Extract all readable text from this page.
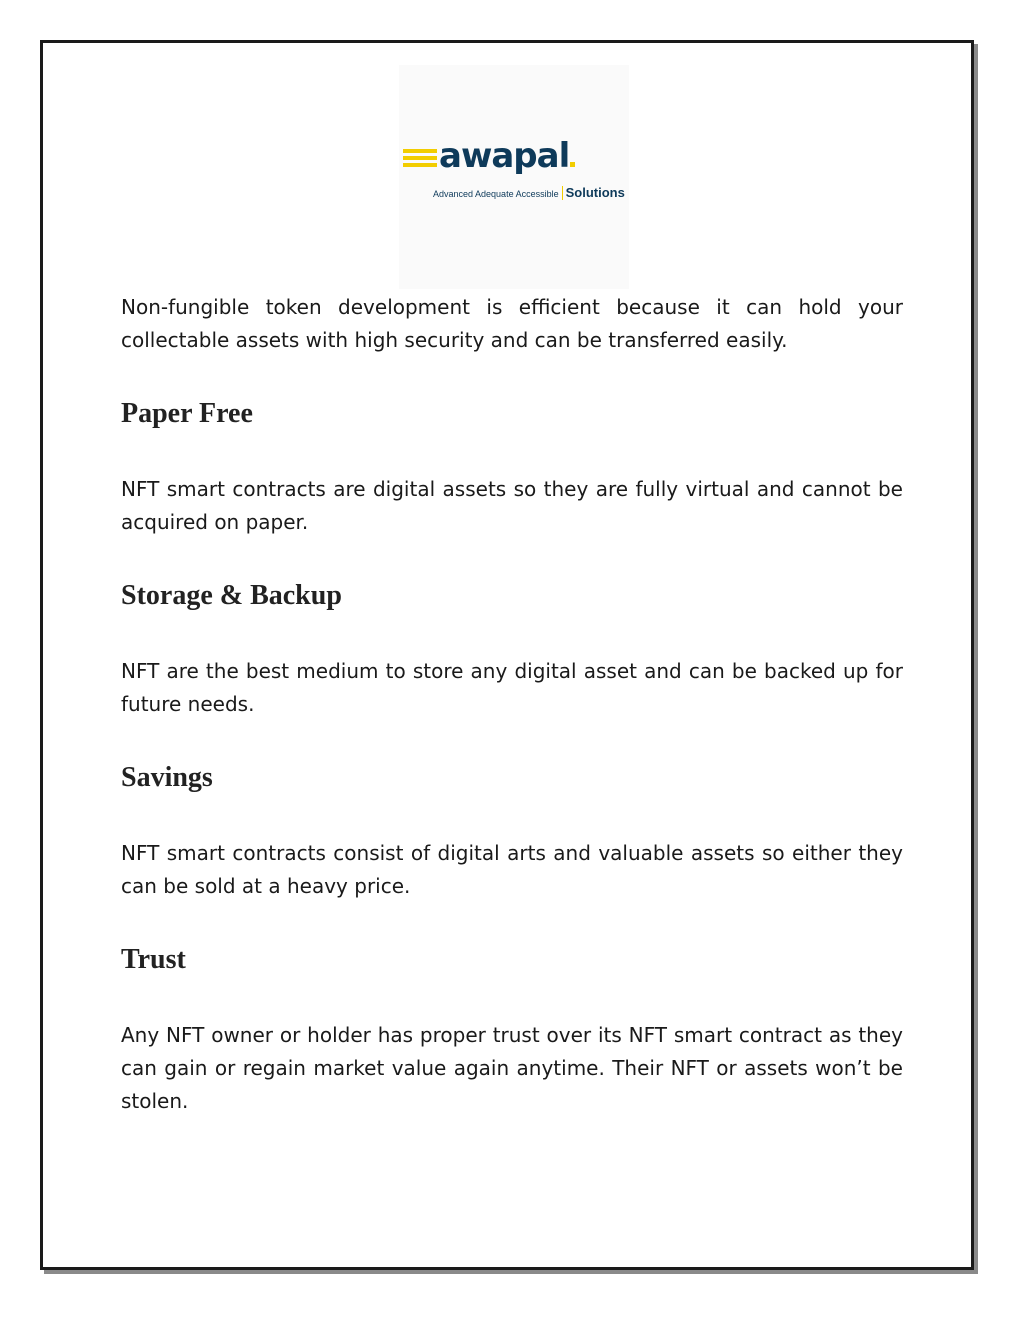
awapal
Advanced Adequate Accessible Solutions

Non-fungible token development is efficient because it can hold your collectable assets with high security and can be transferred easily.

Paper Free

NFT smart contracts are digital assets so they are fully virtual and cannot be acquired on paper.

Storage & Backup

NFT are the best medium to store any digital asset and can be backed up for future needs.

Savings

NFT smart contracts consist of digital arts and valuable assets so either they can be sold at a heavy price.

Trust

Any NFT owner or holder has proper trust over its NFT smart contract as they can gain or regain market value again anytime. Their NFT or assets won’t be stolen.
